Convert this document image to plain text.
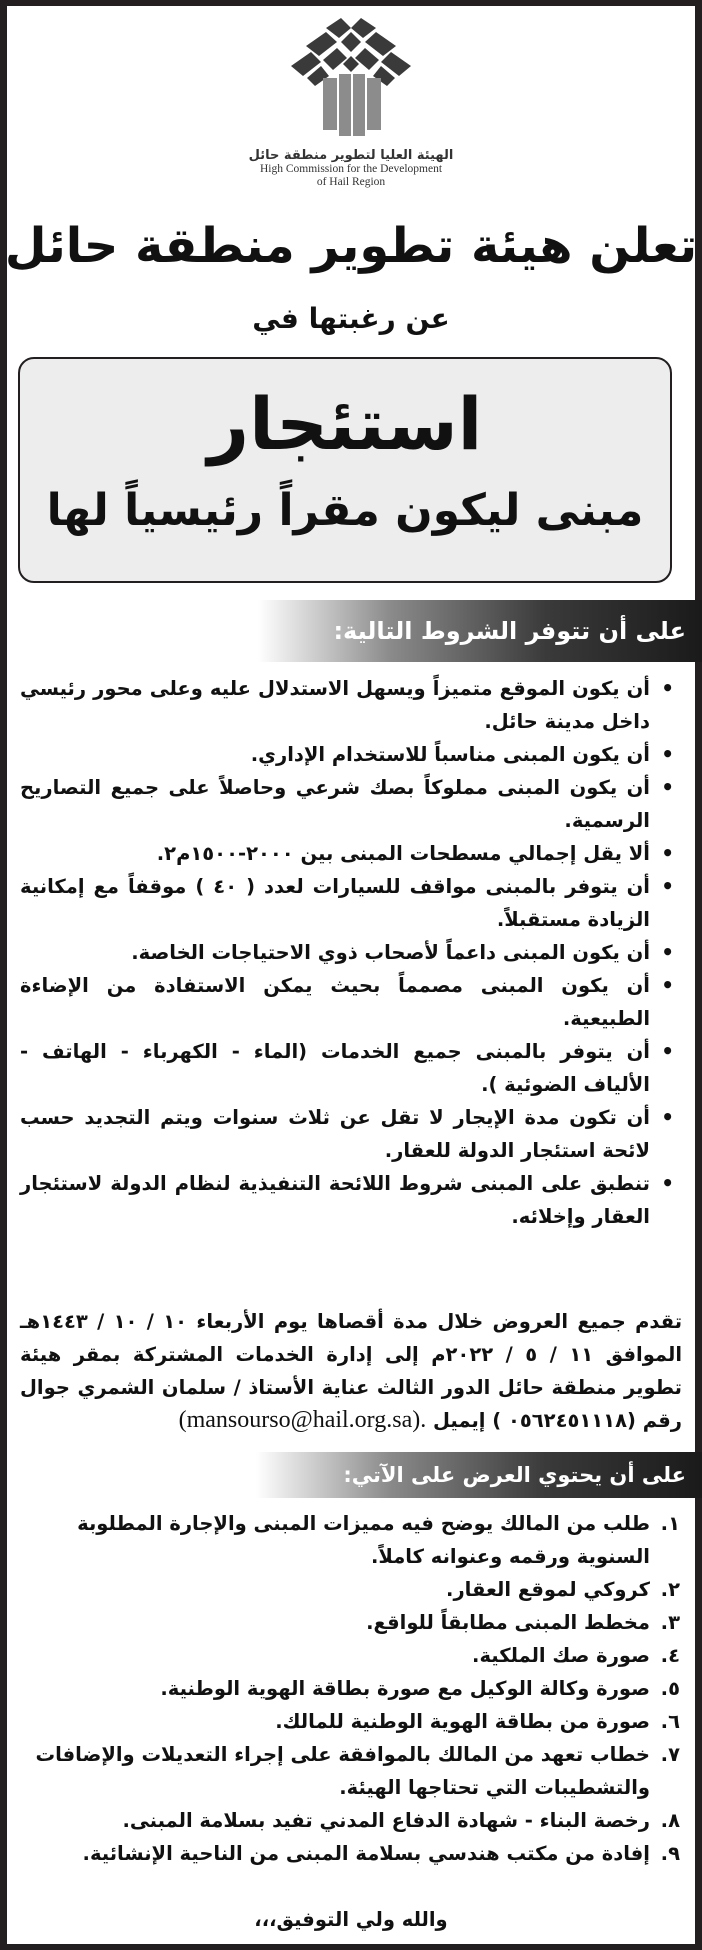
الهيئة العليا لتطوير منطقة حائل
High Commission for the Development
of Hail Region
تعلن هيئة تطوير منطقة حائل
عن رغبتها في
استئجار
مبنى ليكون مقراً رئيسياً لها
على أن تتوفر الشروط التالية:
• أن يكون الموقع متميزاً ويسهل الاستدلال عليه وعلى محور رئيسي داخل مدينة حائل.
• أن يكون المبنى مناسباً للاستخدام الإداري.
• أن يكون المبنى مملوكاً بصك شرعي وحاصلاً على جميع التصاريح الرسمية.
• ألا يقل إجمالي مسطحات المبنى بين ٢٠٠٠-١٥٠٠م٢.
• أن يتوفر بالمبنى مواقف للسيارات لعدد ( ٤٠ ) موقفاً مع إمكانية الزيادة مستقبلاً.
• أن يكون المبنى داعماً لأصحاب ذوي الاحتياجات الخاصة.
• أن يكون المبنى مصمماً بحيث يمكن الاستفادة من الإضاءة الطبيعية.
• أن يتوفر بالمبنى جميع الخدمات (الماء - الكهرباء - الهاتف - الألياف الضوئية ).
• أن تكون مدة الإيجار لا تقل عن ثلاث سنوات ويتم التجديد حسب لائحة استئجار الدولة للعقار.
• تنطبق على المبنى شروط اللائحة التنفيذية لنظام الدولة لاستئجار العقار وإخلائه.
تقدم جميع العروض خلال مدة أقصاها يوم الأربعاء ١٠ / ١٠ / ١٤٤٣هـ الموافق ١١ / ٥ / ٢٠٢٢م إلى إدارة الخدمات المشتركة بمقر هيئة تطوير منطقة حائل الدور الثالث عناية الأستاذ / سلمان الشمري جوال رقم (٠٥٦٢٤٥١١١٨ ) إيميل (mansourso@hail.org.sa).
على أن يحتوي العرض على الآتي:
١.
طلب من المالك يوضح فيه مميزات المبنى والإجارة المطلوبة السنوية ورقمه وعنوانه كاملاً.
٢.
كروكي لموقع العقار.
٣.
مخطط المبنى مطابقاً للواقع.
٤.
صورة صك الملكية.
٥.
صورة وكالة الوكيل مع صورة بطاقة الهوية الوطنية.
٦.
صورة من بطاقة الهوية الوطنية للمالك.
٧.
خطاب تعهد من المالك بالموافقة على إجراء التعديلات والإضافات والتشطيبات التي تحتاجها الهيئة.
٨.
رخصة البناء - شهادة الدفاع المدني تفيد بسلامة المبنى.
٩.
إفادة من مكتب هندسي بسلامة المبنى من الناحية الإنشائية.
والله ولي التوفيق،،،
